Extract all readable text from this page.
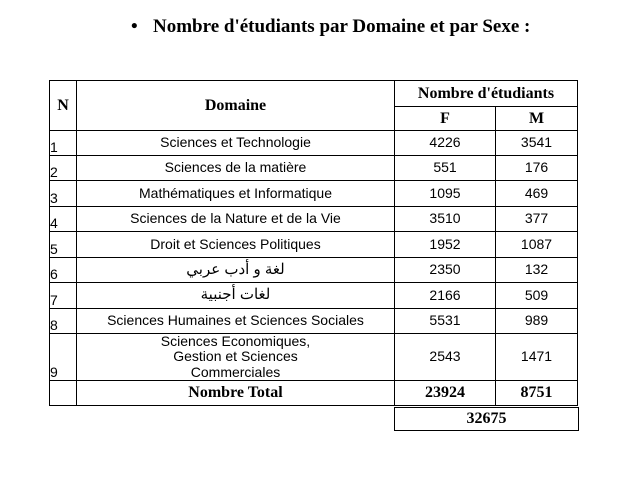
• Nombre d'étudiants par Domaine et par Sexe :
N	Domaine	Nombre d'étudiants	
		F	M
1	Sciences et Technologie	4226	3541
2	Sciences de la matière	551	176
3	Mathématiques et Informatique	1095	469
4	Sciences de la Nature et de la Vie	3510	377
5	Droit et Sciences Politiques	1952	1087
6	لغة و أدب عربي	2350	132
7	لغات أجنبية	2166	509
8	Sciences Humaines et Sciences Sociales	5531	989
9	Sciences Economiques, Gestion et Sciences Commerciales	2543	1471
	Nombre Total	23924	8751
32675
